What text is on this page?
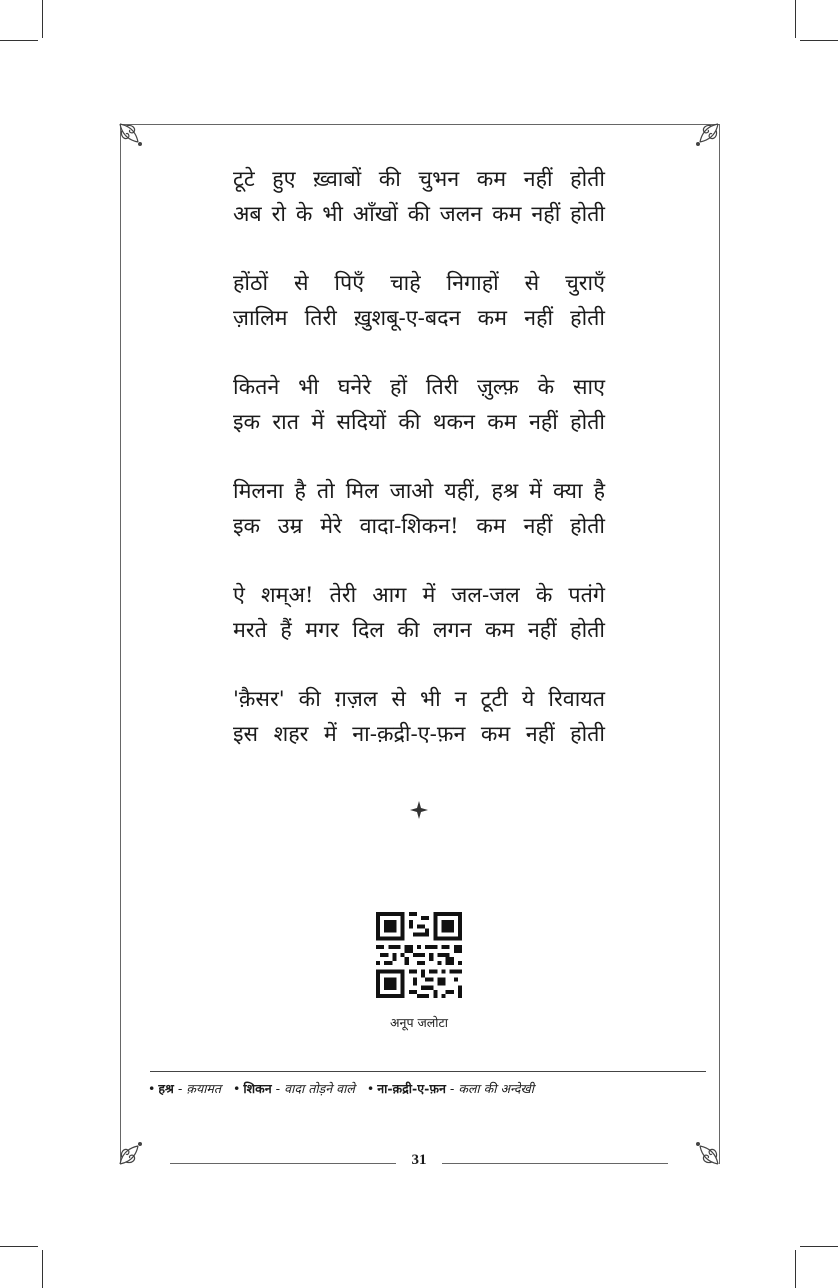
टूटे हुए ख़्वाबों की चुभन कम नहीं होती
अब रो के भी आँखों की जलन कम नहीं होती
होंठों से पिएँ चाहे निगाहों से चुराएँ
ज़ालिम तिरी ख़ुशबू-ए-बदन कम नहीं होती
कितने भी घनेरे हों तिरी ज़ुल्फ़ के साए
इक रात में सदियों की थकन कम नहीं होती
मिलना है तो मिल जाओ यहीं, हश्र में क्या है
इक उम्र मेरे वादा-शिकन! कम नहीं होती
ऐ शम्अ! तेरी आग में जल-जल के पतंगे
मरते हैं मगर दिल की लगन कम नहीं होती
'क़ैसर' की ग़ज़ल से भी न टूटी ये रिवायत
इस शहर में ना-क़द्री-ए-फ़न कम नहीं होती
अनूप जलोटा
• हश्र - क़यामत • शिकन - वादा तोड़ने वाले • ना-क़द्री-ए-फ़न - कला की अन्देखी
31
